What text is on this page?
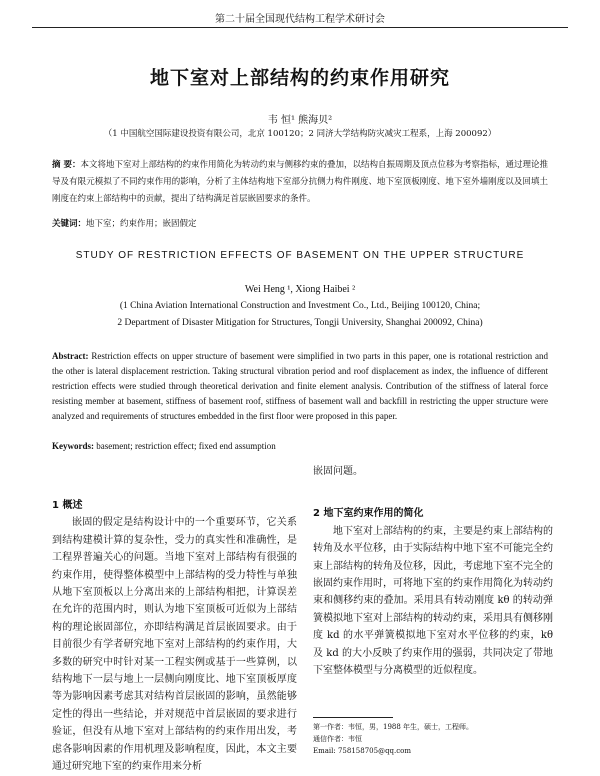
第二十届全国现代结构工程学术研讨会
地下室对上部结构的约束作用研究
韦 恒¹ 熊海贝²
（1 中国航空国际建设投资有限公司，北京 100120；2 同济大学结构防灾减灾工程系，上海 200092）
摘 要：本文将地下室对上部结构的约束作用简化为转动约束与侧移约束的叠加，以结构自振周期及顶点位移为考察指标，通过理论推导及有限元模拟了不同约束作用的影响，分析了主体结构地下室部分抗侧力构件刚度、地下室顶板刚度、地下室外墙刚度以及回填土刚度在约束上部结构中的贡献，提出了结构满足首层嵌固要求的条件。
关键词：地下室；约束作用；嵌固假定
STUDY OF RESTRICTION EFFECTS OF BASEMENT ON THE UPPER STRUCTURE
Wei Heng ¹, Xiong Haibei ²
(1 China Aviation International Construction and Investment Co., Ltd., Beijing 100120, China;
2 Department of Disaster Mitigation for Structures, Tongji University, Shanghai 200092, China)
Abstract: Restriction effects on upper structure of basement were simplified in two parts in this paper, one is rotational restriction and the other is lateral displacement restriction. Taking structural vibration period and roof displacement as index, the influence of different restriction effects were studied through theoretical derivation and finite element analysis. Contribution of the stiffness of lateral force resisting member at basement, stiffness of basement roof, stiffness of basement wall and backfill in restricting the upper structure were analyzed and requirements of structures embedded in the first floor were proposed in this paper.
Keywords: basement; restriction effect; fixed end assumption
1 概述

嵌固的假定是结构设计中的一个重要环节，它关系到结构建模计算的复杂性，受力的真实性和准确性，是工程界普遍关心的问题。当地下室对上部结构有很强的约束作用，使得整体模型中上部结构的受力特性与单独从地下室顶板以上分离出来的上部结构相把，计算误差在允许的范围内时，则认为地下室顶板可近似为上部结构的理论嵌固部位，亦即结构满足首层嵌固要求。由于目前很少有学者研究地下室对上部结构的约束作用，大多数的研究中时针对某一工程实例或基于一些算例，以结构地下一层与地上一层侧向刚度比、地下室顶板厚度等为影响因素考虑其对结构首层嵌固的影响，虽然能够定性的得出一些结论，并对规范中首层嵌固的要求进行验证，但没有从地下室对上部结构的约束作用出发，考虑各影响因素的作用机理及影响程度，因此，本文主要通过研究地下室的约束作用来分析

嵌固问题。

2 地下室约束作用的简化

地下室对上部结构的约束，主要是约束上部结构的转角及水平位移，由于实际结构中地下室不可能完全约束上部结构的转角及位移，因此，考虑地下室不完全的嵌固约束作用时，可将地下室的约束作用简化为转动约束和侧移约束的叠加。采用具有转动刚度 kθ 的转动弹簧模拟地下室对上部结构的转动约束，采用具有侧移刚度 kd 的水平弹簧模拟地下室对水平位移的约束，kθ 及 kd 的大小反映了约束作用的强弱，共同决定了带地下室整体模型与分离模型的近似程度。

第一作者：韦恒，男，1988 年生，硕士，工程师。
通信作者：韦恒
Email: 758158705@qq.com
